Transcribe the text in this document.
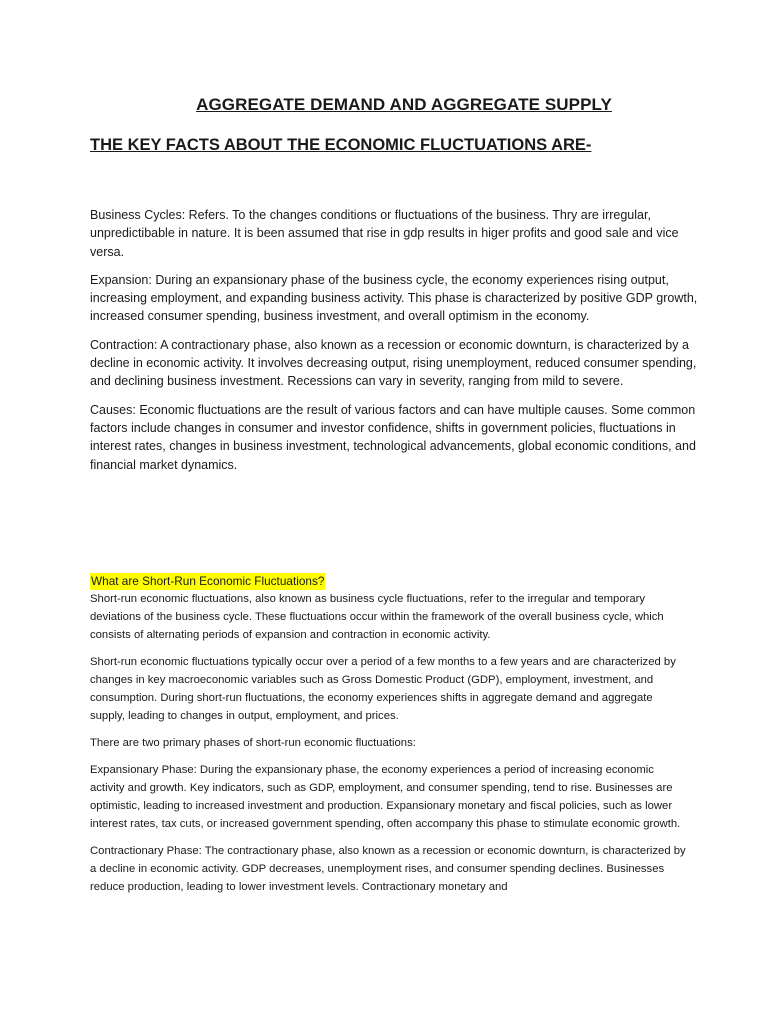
AGGREGATE DEMAND AND AGGREGATE SUPPLY
THE KEY FACTS ABOUT THE ECONOMIC FLUCTUATIONS ARE-

Business Cycles: Refers. To the changes conditions or fluctuations of the business. Thry are irregular, unpredictibable in nature. It is been assumed that rise in gdp results in higer profits and good sale and vice versa.

Expansion: During an expansionary phase of the business cycle, the economy experiences rising output, increasing employment, and expanding business activity. This phase is characterized by positive GDP growth, increased consumer spending, business investment, and overall optimism in the economy.

Contraction: A contractionary phase, also known as a recession or economic downturn, is characterized by a decline in economic activity. It involves decreasing output, rising unemployment, reduced consumer spending, and declining business investment. Recessions can vary in severity, ranging from mild to severe.

Causes: Economic fluctuations are the result of various factors and can have multiple causes. Some common factors include changes in consumer and investor confidence, shifts in government policies, fluctuations in interest rates, changes in business investment, technological advancements, global economic conditions, and financial market dynamics.

What are Short-Run Economic Fluctuations?

Short-run economic fluctuations, also known as business cycle fluctuations, refer to the irregular and temporary deviations of the business cycle. These fluctuations occur within the framework of the overall business cycle, which consists of alternating periods of expansion and contraction in economic activity.

Short-run economic fluctuations typically occur over a period of a few months to a few years and are characterized by changes in key macroeconomic variables such as Gross Domestic Product (GDP), employment, investment, and consumption. During short-run fluctuations, the economy experiences shifts in aggregate demand and aggregate supply, leading to changes in output, employment, and prices.

There are two primary phases of short-run economic fluctuations:

Expansionary Phase: During the expansionary phase, the economy experiences a period of increasing economic activity and growth. Key indicators, such as GDP, employment, and consumer spending, tend to rise. Businesses are optimistic, leading to increased investment and production. Expansionary monetary and fiscal policies, such as lower interest rates, tax cuts, or increased government spending, often accompany this phase to stimulate economic growth.

Contractionary Phase: The contractionary phase, also known as a recession or economic downturn, is characterized by a decline in economic activity. GDP decreases, unemployment rises, and consumer spending declines. Businesses reduce production, leading to lower investment levels. Contractionary monetary and
